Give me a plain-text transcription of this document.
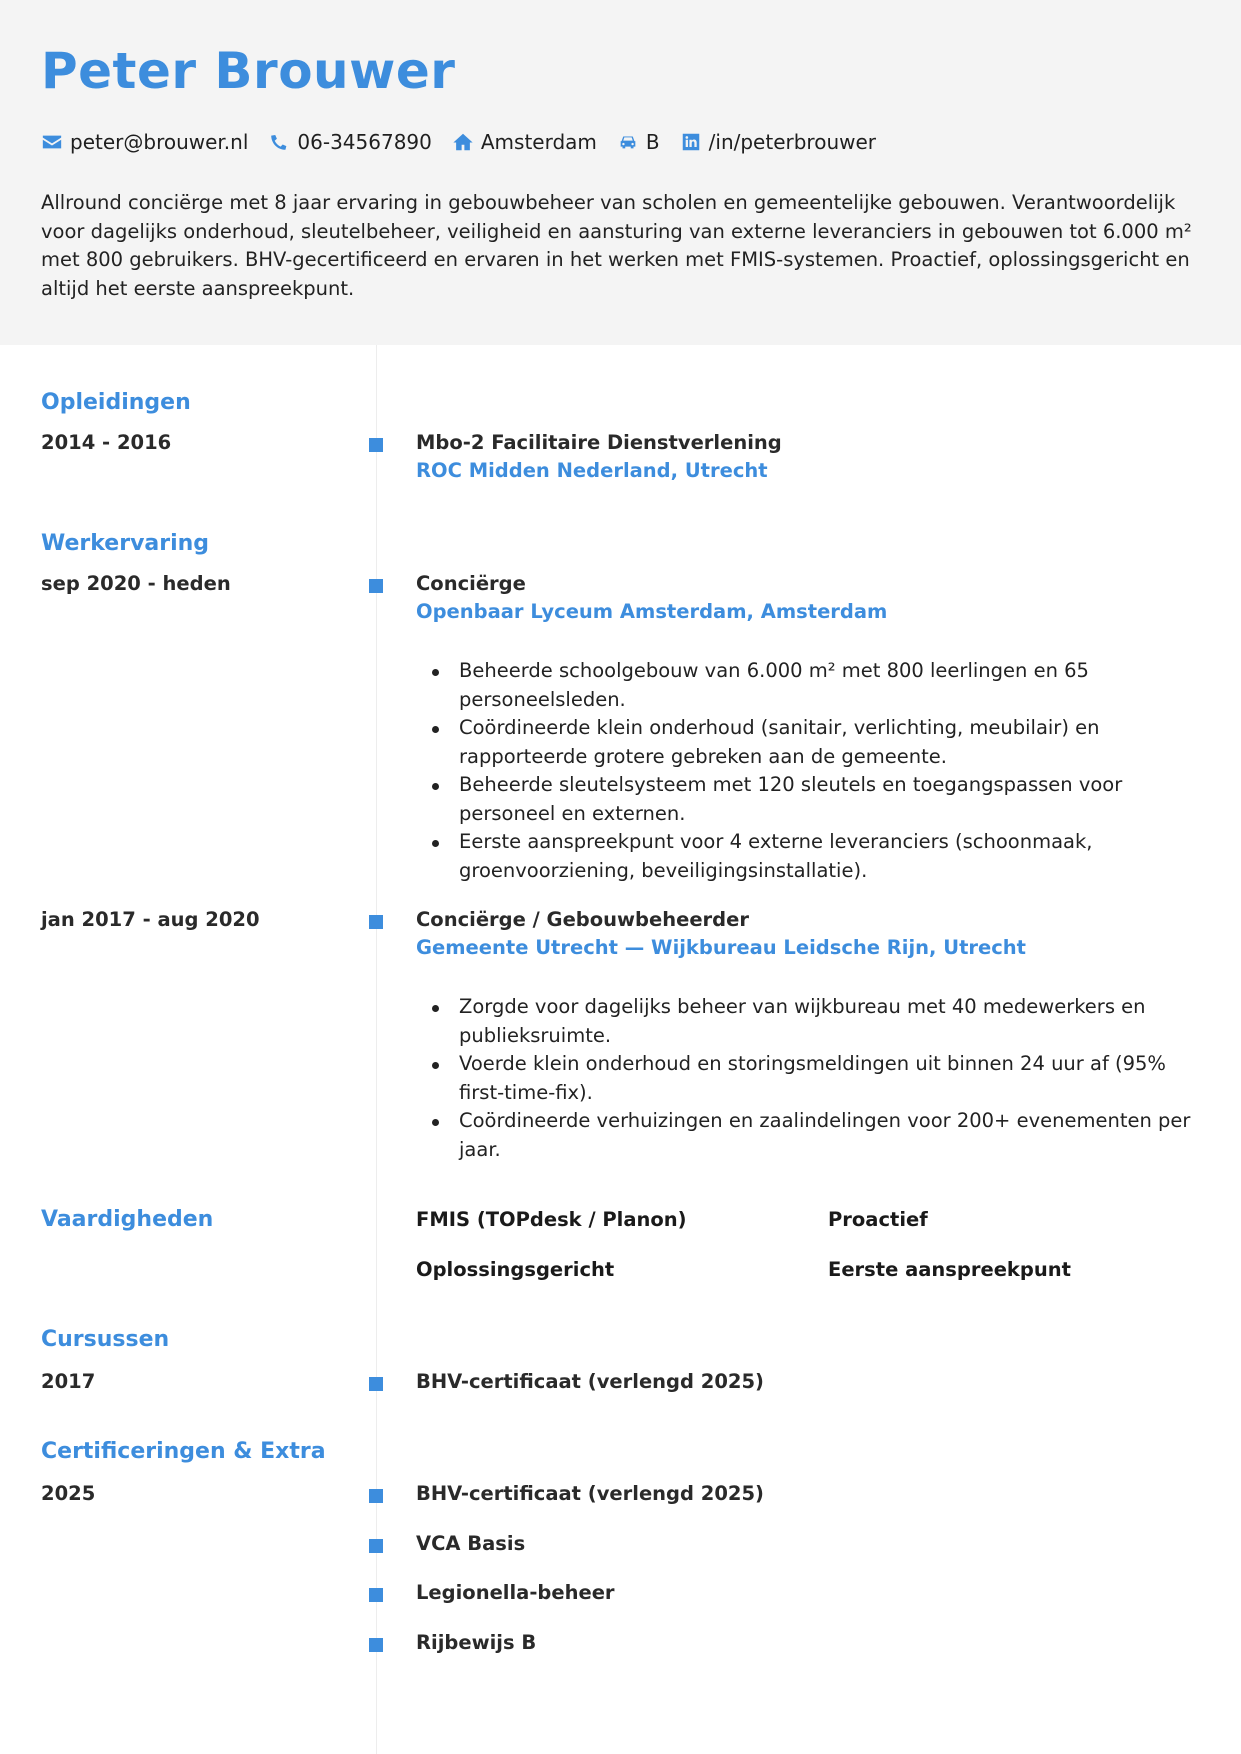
Peter Brouwer
peter@brouwer.nl 06-34567890 Amsterdam B /in/peterbrouwer
Allround conciërge met 8 jaar ervaring in gebouwbeheer van scholen en gemeentelijke gebouwen. Verantwoordelijk voor dagelijks onderhoud, sleutelbeheer, veiligheid en aansturing van externe leveranciers in gebouwen tot 6.000 m² met 800 gebruikers. BHV-gecertificeerd en ervaren in het werken met FMIS-systemen. Proactief, oplossingsgericht en altijd het eerste aanspreekpunt.
Opleidingen
2014 - 2016	Mbo-2 Facilitaire Dienstverlening
ROC Midden Nederland, Utrecht
Werkervaring
sep 2020 - heden	Conciërge
Openbaar Lyceum Amsterdam, Amsterdam
Beheerde schoolgebouw van 6.000 m² met 800 leerlingen en 65 personeelsleden.
Coördineerde klein onderhoud (sanitair, verlichting, meubilair) en rapporteerde grotere gebreken aan de gemeente.
Beheerde sleutelsysteem met 120 sleutels en toegangspassen voor personeel en externen.
Eerste aanspreekpunt voor 4 externe leveranciers (schoonmaak, groenvoorziening, beveiligingsinstallatie).
jan 2017 - aug 2020	Conciërge / Gebouwbeheerder
Gemeente Utrecht — Wijkbureau Leidsche Rijn, Utrecht
Zorgde voor dagelijks beheer van wijkbureau met 40 medewerkers en publieksruimte.
Voerde klein onderhoud en storingsmeldingen uit binnen 24 uur af (95% first-time-fix).
Coördineerde verhuizingen en zaalindelingen voor 200+ evenementen per jaar.
Vaardigheden	FMIS (TOPdesk / Planon)	Proactief
Oplossingsgericht	Eerste aanspreekpunt
Cursussen
2017	BHV-certificaat (verlengd 2025)
Certificeringen & Extra
2025	BHV-certificaat (verlengd 2025)
VCA Basis
Legionella-beheer
Rijbewijs B
